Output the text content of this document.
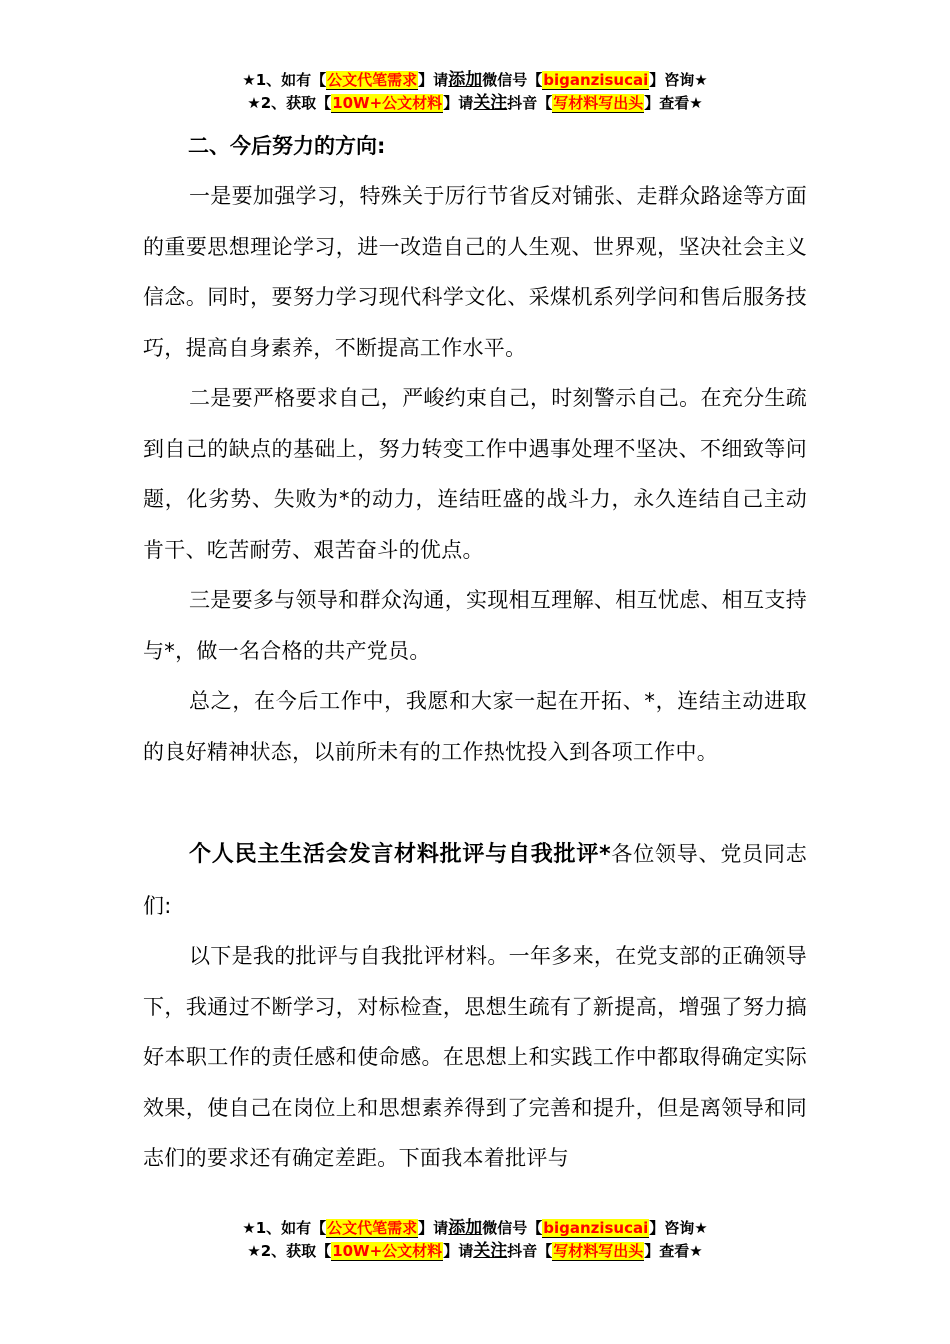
★1、如有【公文代笔需求】请添加微信号【biganzisucai】咨询★
★2、获取【10W+公文材料】请关注抖音【写材料写出头】查看★
二、今后努力的方向:

一是要加强学习，特殊关于厉行节省反对铺张、走群众路途等方面的重要思想理论学习，进一改造自己的人生观、世界观，坚决社会主义信念。同时，要努力学习现代科学文化、采煤机系列学问和售后服务技巧，提高自身素养，不断提高工作水平。

二是要严格要求自己，严峻约束自己，时刻警示自己。在充分生疏到自己的缺点的基础上，努力转变工作中遇事处理不坚决、不细致等问题，化劣势、失败为*的动力，连结旺盛的战斗力，永久连结自己主动肯干、吃苦耐劳、艰苦奋斗的优点。

三是要多与领导和群众沟通，实现相互理解、相互忧虑、相互支持与*，做一名合格的共产党员。

总之，在今后工作中，我愿和大家一起在开拓、*，连结主动进取的良好精神状态，以前所未有的工作热忱投入到各项工作中。

个人民主生活会发言材料批评与自我批评*各位领导、党员同志们:

以下是我的批评与自我批评材料。一年多来，在党支部的正确领导下，我通过不断学习，对标检查，思想生疏有了新提高，增强了努力搞好本职工作的责任感和使命感。在思想上和实践工作中都取得确定实际效果，使自己在岗位上和思想素养得到了完善和提升，但是离领导和同志们的要求还有确定差距。下面我本着批评与

★1、如有【公文代笔需求】请添加微信号【biganzisucai】咨询★
★2、获取【10W+公文材料】请关注抖音【写材料写出头】查看★
